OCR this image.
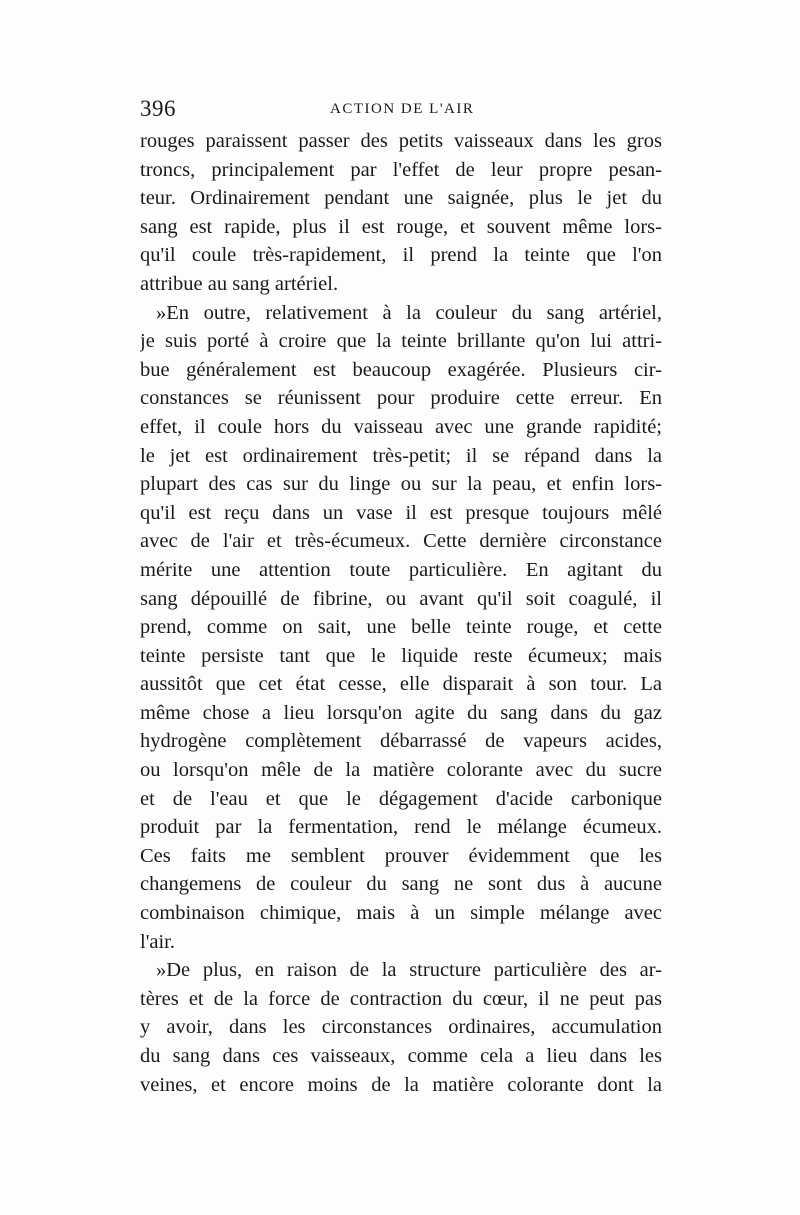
396	ACTION DE L'AIR
rouges paraissent passer des petits vaisseaux dans les gros
troncs, principalement par l'effet de leur propre pesan-
teur. Ordinairement pendant une saignée, plus le jet du
sang est rapide, plus il est rouge, et souvent même lors-
qu'il coule très-rapidement, il prend la teinte que l'on
attribue au sang artériel.
»En outre, relativement à la couleur du sang artériel,
je suis porté à croire que la teinte brillante qu'on lui attri-
bue généralement est beaucoup exagérée. Plusieurs cir-
constances se réunissent pour produire cette erreur. En
effet, il coule hors du vaisseau avec une grande rapidité;
le jet est ordinairement très-petit; il se répand dans la
plupart des cas sur du linge ou sur la peau, et enfin lors-
qu'il est reçu dans un vase il est presque toujours mêlé
avec de l'air et très-écumeux. Cette dernière circonstance
mérite une attention toute particulière. En agitant du
sang dépouillé de fibrine, ou avant qu'il soit coagulé, il
prend, comme on sait, une belle teinte rouge, et cette
teinte persiste tant que le liquide reste écumeux; mais
aussitôt que cet état cesse, elle disparait à son tour. La
même chose a lieu lorsqu'on agite du sang dans du gaz
hydrogène complètement débarrassé de vapeurs acides,
ou lorsqu'on mêle de la matière colorante avec du sucre
et de l'eau et que le dégagement d'acide carbonique
produit par la fermentation, rend le mélange écumeux.
Ces faits me semblent prouver évidemment que les
changemens de couleur du sang ne sont dus à aucune
combinaison chimique, mais à un simple mélange avec
l'air.
»De plus, en raison de la structure particulière des ar-
tères et de la force de contraction du cœur, il ne peut pas
y avoir, dans les circonstances ordinaires, accumulation
du sang dans ces vaisseaux, comme cela a lieu dans les
veines, et encore moins de la matière colorante dont la
